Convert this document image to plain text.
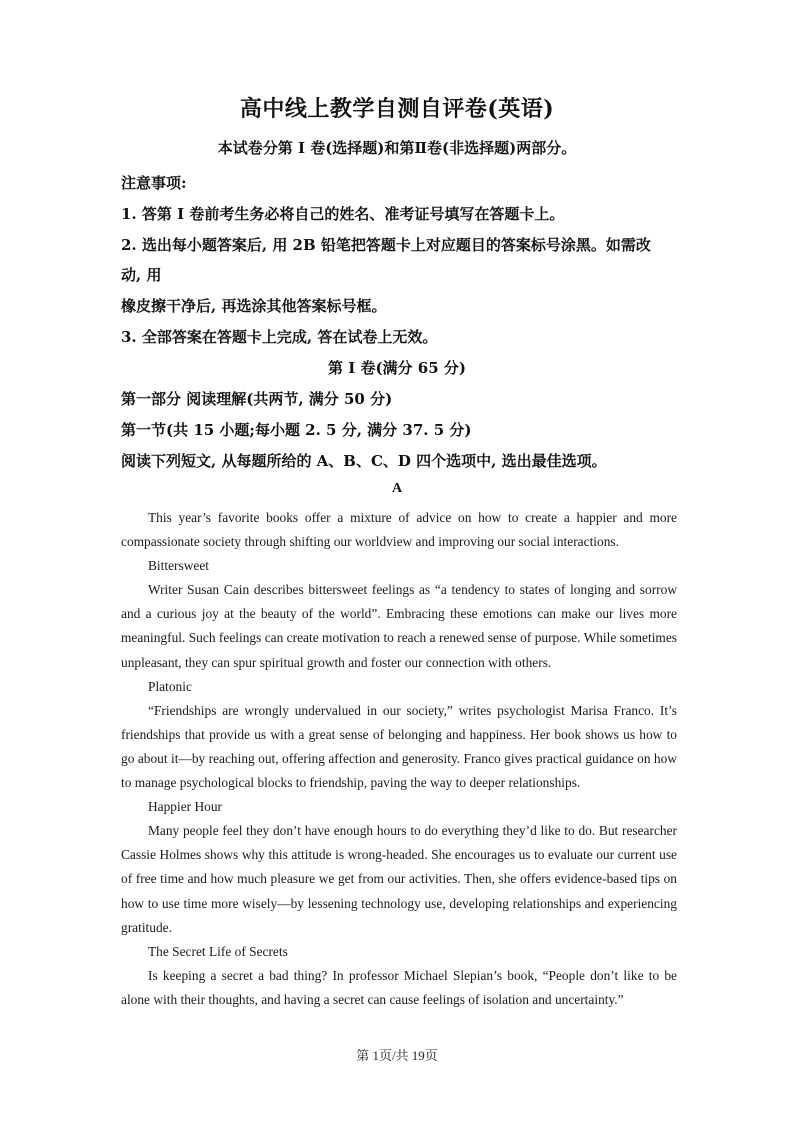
高中线上教学自测自评卷(英语)
本试卷分第 I 卷(选择题)和第Ⅱ卷(非选择题)两部分。
注意事项:
1. 答第 I 卷前考生务必将自己的姓名、准考证号填写在答题卡上。
2. 选出每小题答案后, 用 2B 铅笔把答题卡上对应题目的答案标号涂黑。如需改
动, 用
橡皮擦干净后, 再选涂其他答案标号框。
3. 全部答案在答题卡上完成, 答在试卷上无效。
第 I 卷(满分 65 分)
第一部分 阅读理解(共两节, 满分 50 分)
第一节(共 15 小题;每小题 2. 5 分, 满分 37. 5 分)
阅读下列短文, 从每题所给的 A、B、C、D 四个选项中, 选出最佳选项。
A

This year’s favorite books offer a mixture of advice on how to create a happier and more compassionate society through shifting our worldview and improving our social interactions.

Bittersweet

Writer Susan Cain describes bittersweet feelings as “a tendency to states of longing and sorrow and a curious joy at the beauty of the world”. Embracing these emotions can make our lives more meaningful. Such feelings can create motivation to reach a renewed sense of purpose. While sometimes unpleasant, they can spur spiritual growth and foster our connection with others.

Platonic

“Friendships are wrongly undervalued in our society,” writes psychologist Marisa Franco. It’s friendships that provide us with a great sense of belonging and happiness. Her book shows us how to go about it—by reaching out, offering affection and generosity. Franco gives practical guidance on how to manage psychological blocks to friendship, paving the way to deeper relationships.

Happier Hour

Many people feel they don’t have enough hours to do everything they’d like to do. But researcher Cassie Holmes shows why this attitude is wrong-headed. She encourages us to evaluate our current use of free time and how much pleasure we get from our activities. Then, she offers evidence-based tips on how to use time more wisely—by lessening technology use, developing relationships and experiencing gratitude.

The Secret Life of Secrets

Is keeping a secret a bad thing? In professor Michael Slepian’s book, “People don’t like to be alone with their thoughts, and having a secret can cause feelings of isolation and uncertainty.”

第 1页/共 19页
